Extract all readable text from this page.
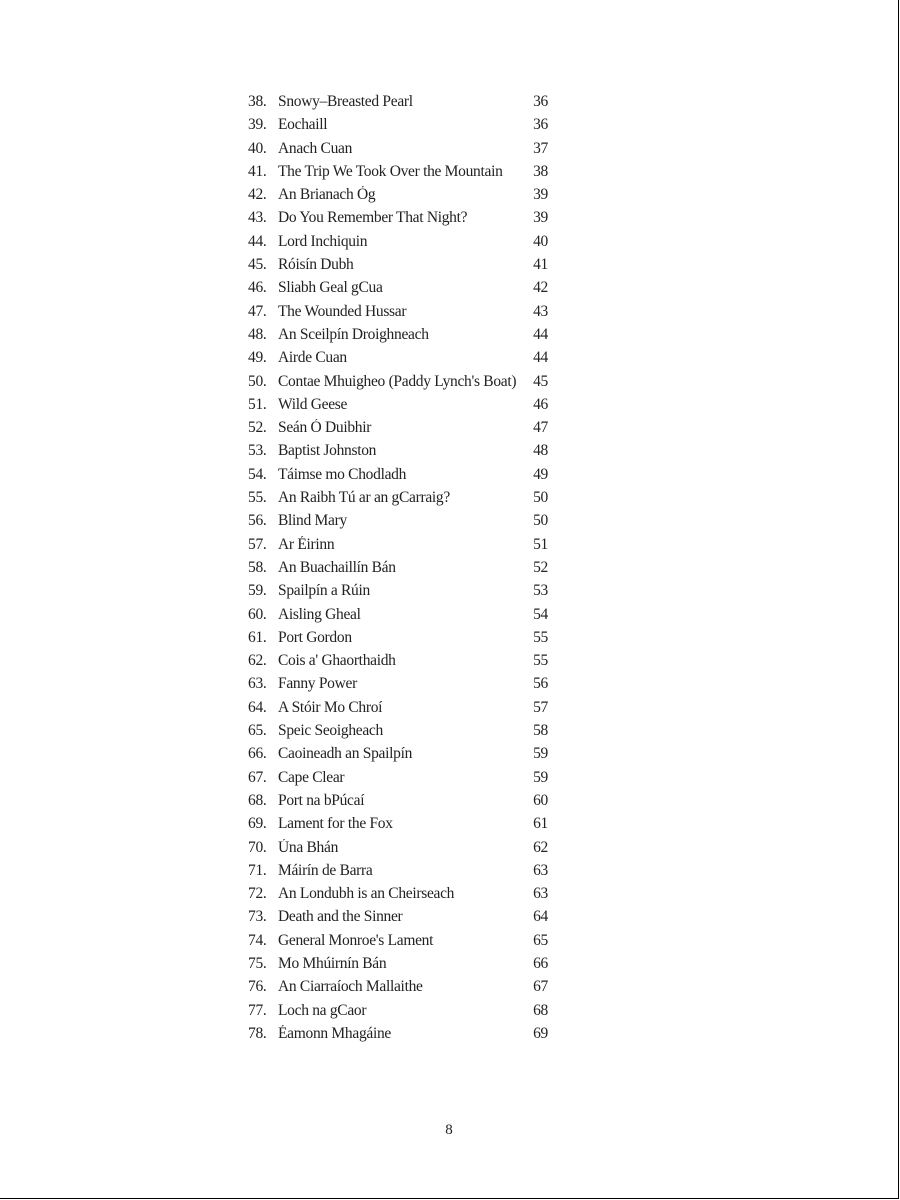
38. Snowy–Breasted Pearl	36
39. Eochaill	36
40. Anach Cuan	37
41. The Trip We Took Over the Mountain	38
42. An Brianach Óg	39
43. Do You Remember That Night?	39
44. Lord Inchiquin	40
45. Róisín Dubh	41
46. Sliabh Geal gCua	42
47. The Wounded Hussar	43
48. An Sceilpín Droighneach	44
49. Airde Cuan	44
50. Contae Mhuigheo (Paddy Lynch's Boat)	45
51. Wild Geese	46
52. Seán Ó Duibhir	47
53. Baptist Johnston	48
54. Táimse mo Chodladh	49
55. An Raibh Tú ar an gCarraig?	50
56. Blind Mary	50
57. Ar Éirinn	51
58. An Buachaillín Bán	52
59. Spailpín a Rúin	53
60. Aisling Gheal	54
61. Port Gordon	55
62. Cois a' Ghaorthaidh	55
63. Fanny Power	56
64. A Stóir Mo Chroí	57
65. Speic Seoigheach	58
66. Caoineadh an Spailpín	59
67. Cape Clear	59
68. Port na bPúcaí	60
69. Lament for the Fox	61
70. Úna Bhán	62
71. Máirín de Barra	63
72. An Londubh is an Cheirseach	63
73. Death and the Sinner	64
74. General Monroe's Lament	65
75. Mo Mhúirnín Bán	66
76. An Ciarraíoch Mallaithe	67
77. Loch na gCaor	68
78. Éamonn Mhagáine	69
8
